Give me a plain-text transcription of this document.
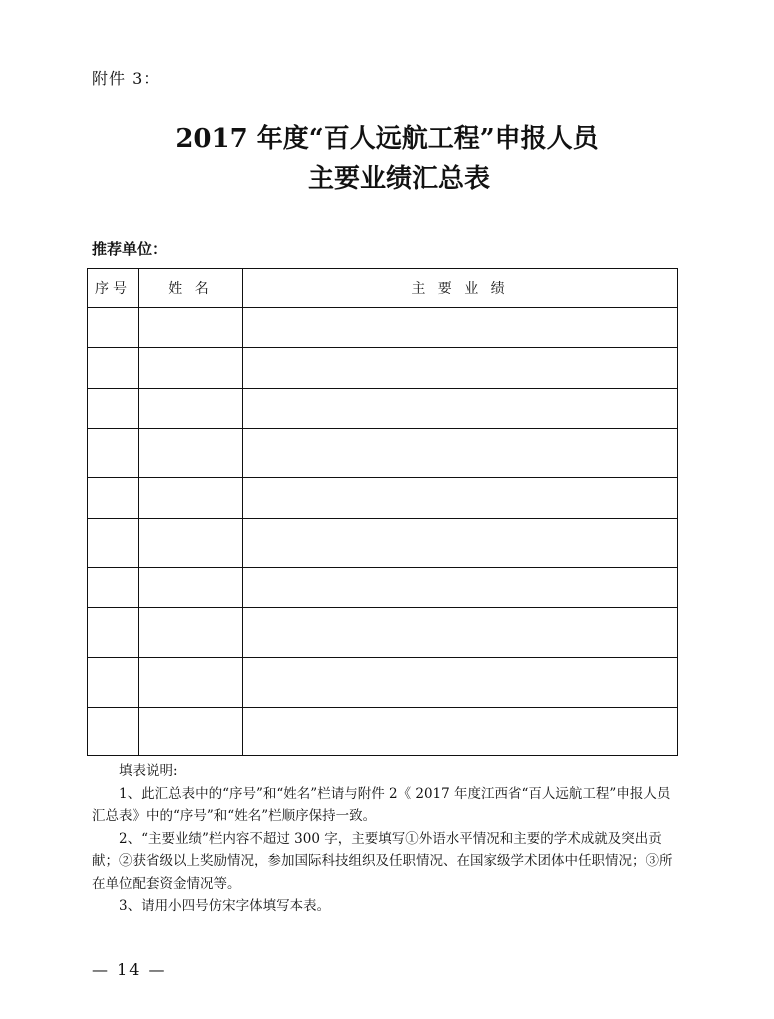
附件 3：
2017 年度“百人远航工程”申报人员
主要业绩汇总表
推荐单位：
序号	姓 名	主 要 业 绩

填表说明:

1、此汇总表中的“序号”和“姓名”栏请与附件 2《 2017 年度江西省“百人远航工程”申报人员汇总表》中的“序号”和“姓名”栏顺序保持一致。

2、“主要业绩”栏内容不超过 300 字，主要填写①外语水平情况和主要的学术成就及突出贡献；②获省级以上奖励情况，参加国际科技组织及任职情况、在国家级学术团体中任职情况；③所在单位配套资金情况等。

3、请用小四号仿宋字体填写本表。

— 14 —
